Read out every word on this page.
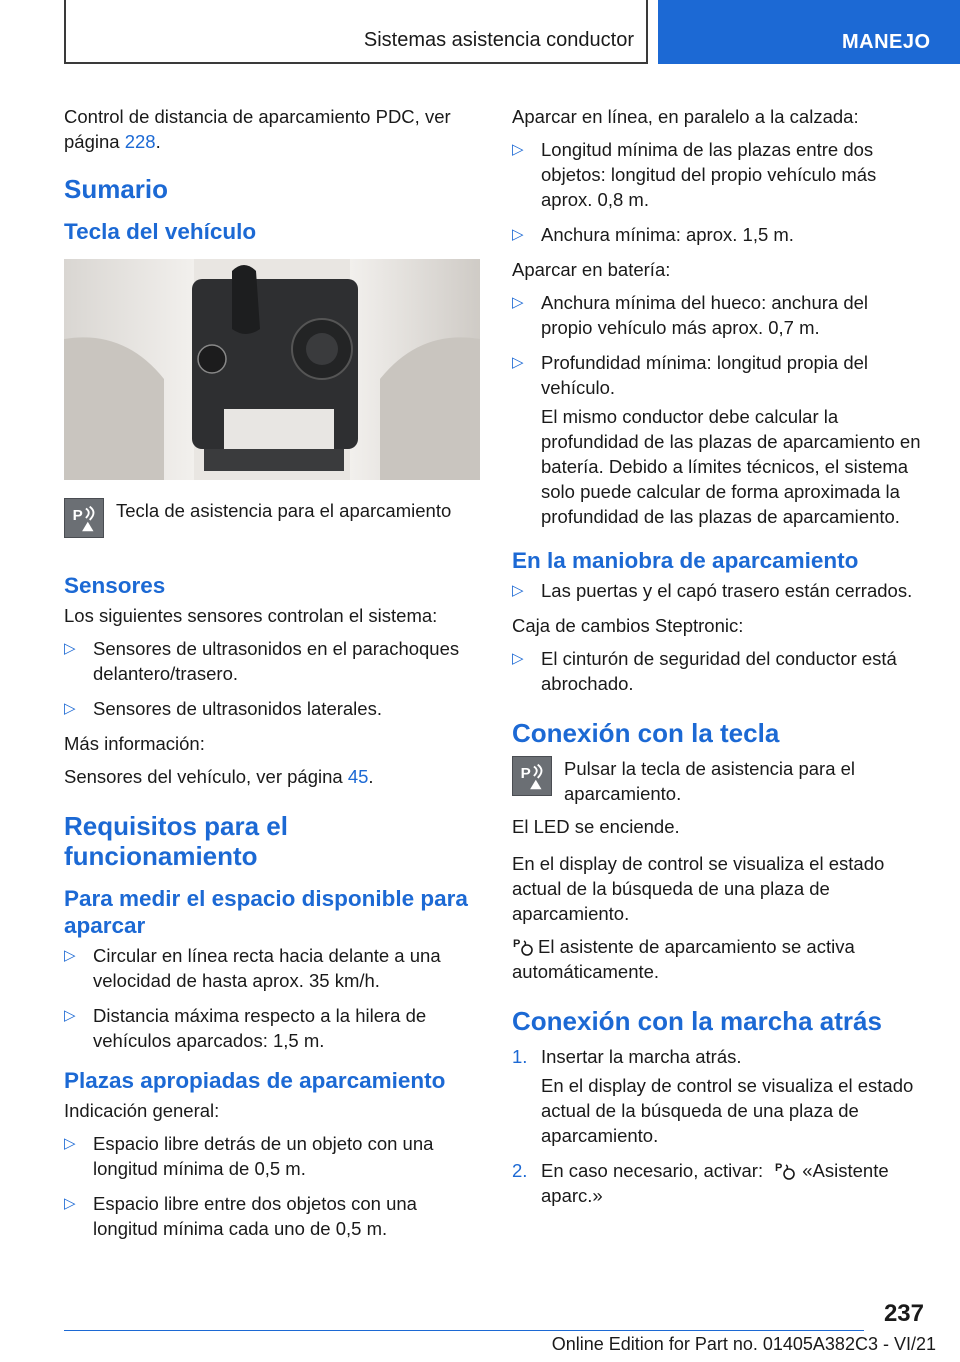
Sistemas asistencia conductor	MANEJO

Control de distancia de aparcamiento PDC, ver página 228.

Sumario
Tecla del vehículo
P Tecla de asistencia para el aparcamiento
Sensores

Los siguientes sensores controlan el sistema:

▷ Sensores de ultrasonidos en el parachoques delantero/trasero.
▷ Sensores de ultrasonidos laterales.

Más información:

Sensores del vehículo, ver página 45.

Requisitos para el funcionamiento
Para medir el espacio disponible para aparcar
▷ Circular en línea recta hacia delante a una velocidad de hasta aprox. 35 km/h.
▷ Distancia máxima respecto a la hilera de vehículos aparcados: 1,5 m.
Plazas apropiadas de aparcamiento

Indicación general:

▷ Espacio libre detrás de un objeto con una longitud mínima de 0,5 m.
▷ Espacio libre entre dos objetos con una longitud mínima cada uno de 0,5 m.

Aparcar en línea, en paralelo a la calzada:

▷ Longitud mínima de las plazas entre dos objetos: longitud del propio vehículo más aprox. 0,8 m.
▷ Anchura mínima: aprox. 1,5 m.

Aparcar en batería:

▷ Anchura mínima del hueco: anchura del propio vehículo más aprox. 0,7 m.
▷ Profundidad mínima: longitud propia del vehículo.
El mismo conductor debe calcular la profundidad de las plazas de aparcamiento en batería. Debido a límites técnicos, el sistema solo puede calcular de forma aproximada la profundidad de las plazas de aparcamiento.
En la maniobra de aparcamiento
▷ Las puertas y el capó trasero están cerrados.

Caja de cambios Steptronic:

▷ El cinturón de seguridad del conductor está abrochado.
Conexión con la tecla
P Pulsar la tecla de asistencia para el aparcamiento.

El LED se enciende.

En el display de control se visualiza el estado actual de la búsqueda de una plaza de aparcamiento.

P El asistente de aparcamiento se activa automáticamente.

Conexión con la marcha atrás
1. Insertar la marcha atrás.
En el display de control se visualiza el estado actual de la búsqueda de una plaza de aparcamiento.
2. En caso necesario, activar: P «Asistente aparc.»
237
Online Edition for Part no. 01405A382C3 - VI/21
